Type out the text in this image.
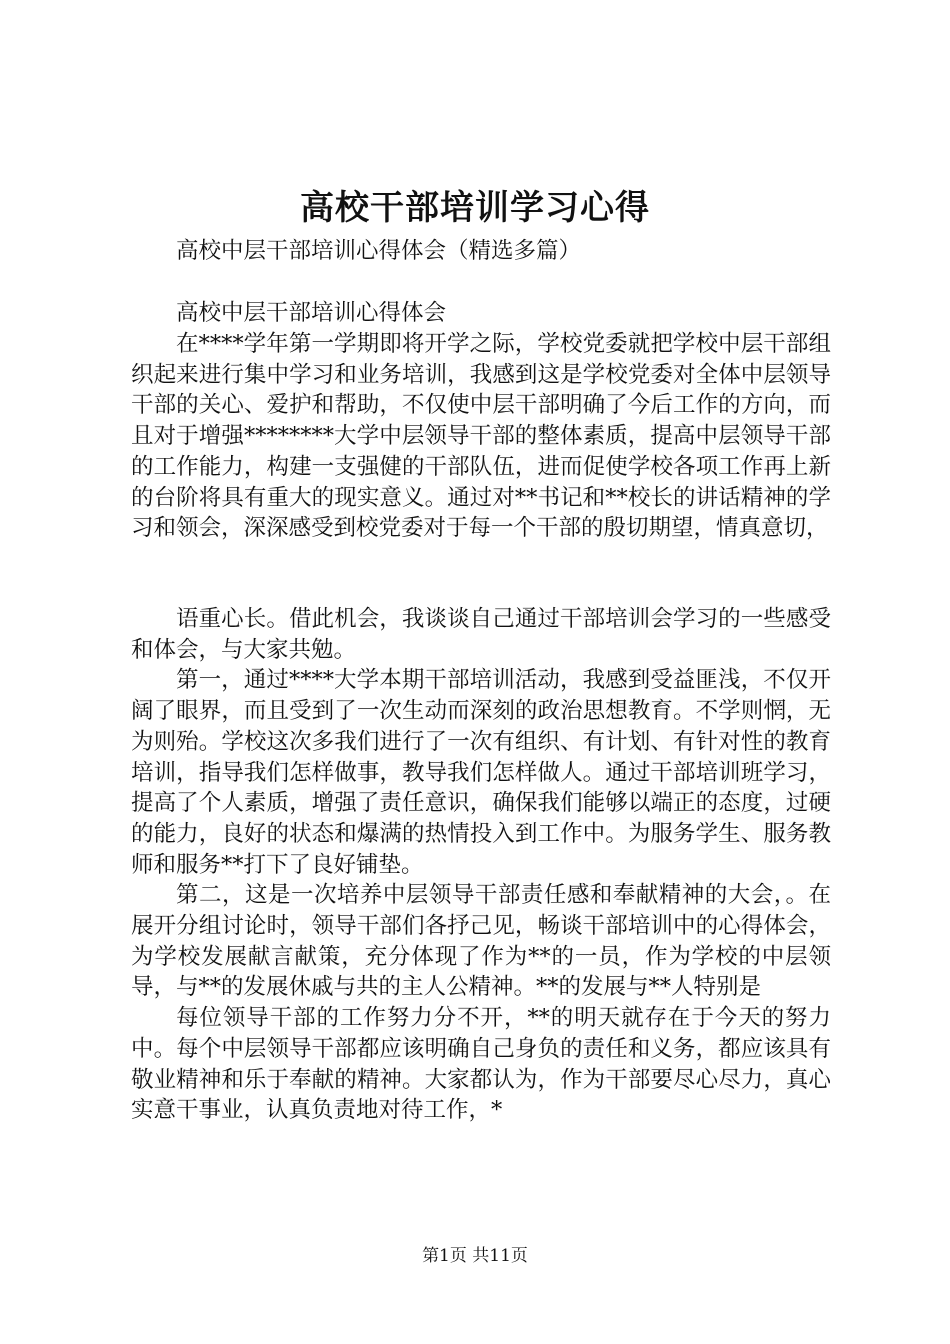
高校干部培训学习心得
高校中层干部培训心得体会（精选多篇）
高校中层干部培训心得体会

在****学年第一学期即将开学之际，学校党委就把学校中层干部组织起来进行集中学习和业务培训，我感到这是学校党委对全体中层领导干部的关心、爱护和帮助，不仅使中层干部明确了今后工作的方向，而且对于增强********大学中层领导干部的整体素质，提高中层领导干部的工作能力，构建一支强健的干部队伍，进而促使学校各项工作再上新的台阶将具有重大的现实意义。通过对**书记和**校长的讲话精神的学习和领会，深深感受到校党委对于每一个干部的殷切期望，情真意切，

语重心长。借此机会，我谈谈自己通过干部培训会学习的一些感受和体会，与大家共勉。

第一，通过****大学本期干部培训活动，我感到受益匪浅，不仅开阔了眼界，而且受到了一次生动而深刻的政治思想教育。不学则惘，无为则殆。学校这次多我们进行了一次有组织、有计划、有针对性的教育培训，指导我们怎样做事，教导我们怎样做人。通过干部培训班学习，提高了个人素质，增强了责任意识，确保我们能够以端正的态度，过硬的能力，良好的状态和爆满的热情投入到工作中。为服务学生、服务教师和服务**打下了良好铺垫。

第二，这是一次培养中层领导干部责任感和奉献精神的大会，。在展开分组讨论时，领导干部们各抒己见，畅谈干部培训中的心得体会，为学校发展献言献策，充分体现了作为**的一员，作为学校的中层领导，与**的发展休戚与共的主人公精神。**的发展与**人特别是

每位领导干部的工作努力分不开，**的明天就存在于今天的努力中。每个中层领导干部都应该明确自己身负的责任和义务，都应该具有敬业精神和乐于奉献的精神。大家都认为，作为干部要尽心尽力，真心实意干事业，认真负责地对待工作，*

第1页 共11页
